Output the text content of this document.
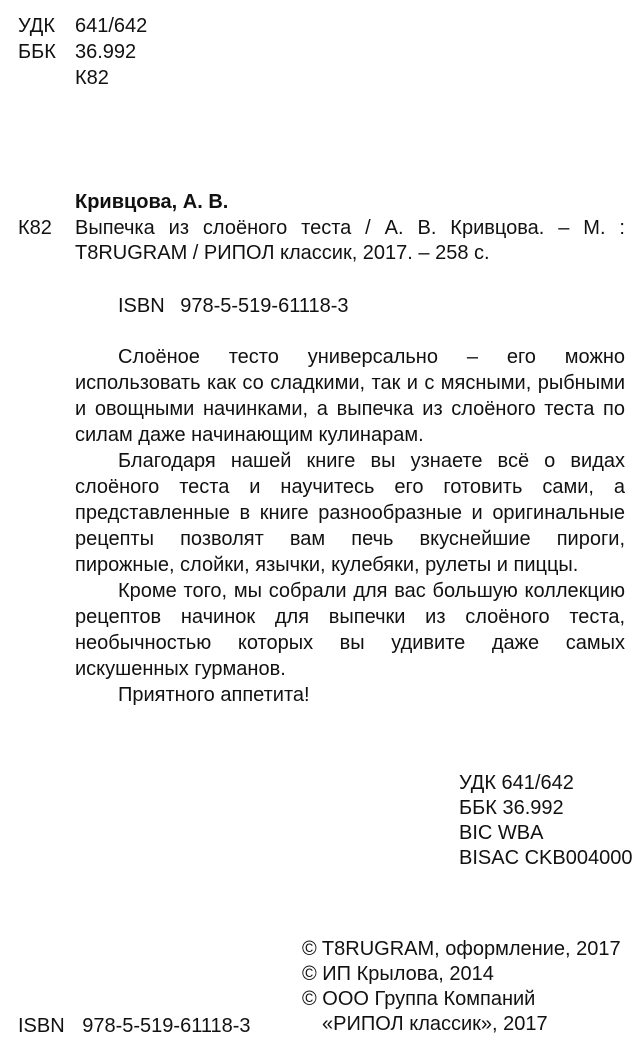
УДК 641/642
ББК 36.992
К82
Кривцова, А. В.
К82 Выпечка из слоёного теста / А. В. Кривцова. – М. : T8RUGRAM / РИПОЛ классик, 2017. – 258 с.
ISBN 978-5-519-61118-3

Слоёное тесто универсально – его можно использовать как со сладкими, так и с мясными, рыбными и овощными начинками, а выпечка из слоёного теста по силам даже начинающим кулинарам.

Благодаря нашей книге вы узнаете всё о видах слоёного теста и научитесь его готовить сами, а представленные в книге разнообразные и оригинальные рецепты позволят вам печь вкуснейшие пироги, пирожные, слойки, язычки, кулебяки, рулеты и пиццы.

Кроме того, мы собрали для вас большую коллекцию рецептов начинок для выпечки из слоёного теста, необычностью которых вы удивите даже самых искушенных гурманов.

Приятного аппетита!

УДК 641/642
ББК 36.992
BIC WBA
BISAC CKB004000
© T8RUGRAM, оформление, 2017
© ИП Крылова, 2014
© ООО Группа Компаний
«РИПОЛ классик», 2017
ISBN 978-5-519-61118-3
